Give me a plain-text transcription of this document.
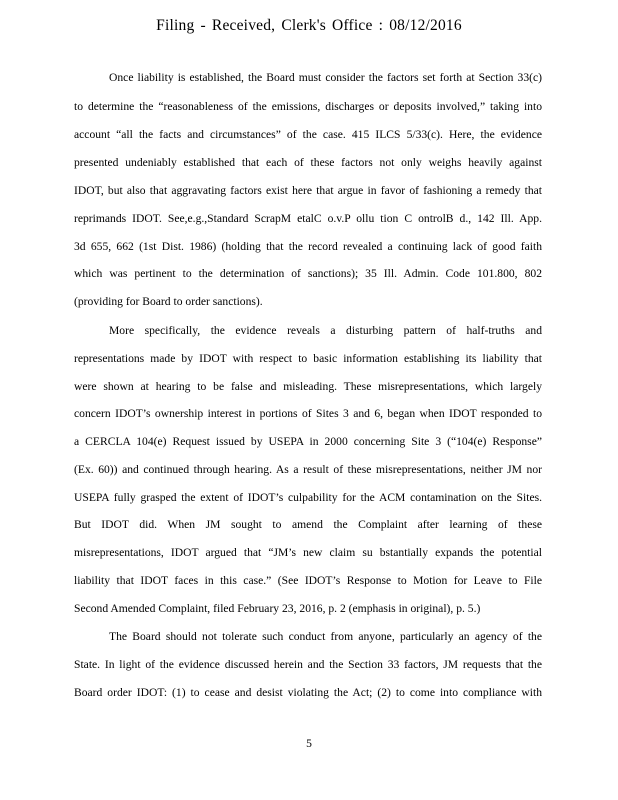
Filing - Received, Clerk's Office : 08/12/2016
Once liability is established, the Board must consider the factors set forth at Section 33(c)
to determine the “reasonableness of the emissions, discharges or deposits involved,” taking into
account “all the facts and circumstances” of the case. 415 ILCS 5/33(c). Here, the evidence
presented undeniably established that each of these factors not only weighs heavily against
IDOT, but also that aggravating factors exist here that argue in favor of fashioning a remedy that
reprimands IDOT. See,e.g.,Standard ScrapM etalC o.v.P ollu tion C ontrolB d., 142 Ill. App.
3d 655, 662 (1st Dist. 1986) (holding that the record revealed a continuing lack of good faith
which was pertinent to the determination of sanctions); 35 Ill. Admin. Code 101.800, 802
(providing for Board to order sanctions).
More specifically, the evidence reveals a disturbing pattern of half-truths and
representations made by IDOT with respect to basic information establishing its liability that
were shown at hearing to be false and misleading. These misrepresentations, which largely
concern IDOT’s ownership interest in portions of Sites 3 and 6, began when IDOT responded to
a CERCLA 104(e) Request issued by USEPA in 2000 concerning Site 3 (“104(e) Response”
(Ex. 60)) and continued through hearing. As a result of these misrepresentations, neither JM nor
USEPA fully grasped the extent of IDOT’s culpability for the ACM contamination on the Sites.
But IDOT did. When JM sought to amend the Complaint after learning of these
misrepresentations, IDOT argued that “JM’s new claim su bstantially expands the potential
liability that IDOT faces in this case.” (See IDOT’s Response to Motion for Leave to File
Second Amended Complaint, filed February 23, 2016, p. 2 (emphasis in original), p. 5.)
The Board should not tolerate such conduct from anyone, particularly an agency of the
State. In light of the evidence discussed herein and the Section 33 factors, JM requests that the
Board order IDOT: (1) to cease and desist violating the Act; (2) to come into compliance with
5
